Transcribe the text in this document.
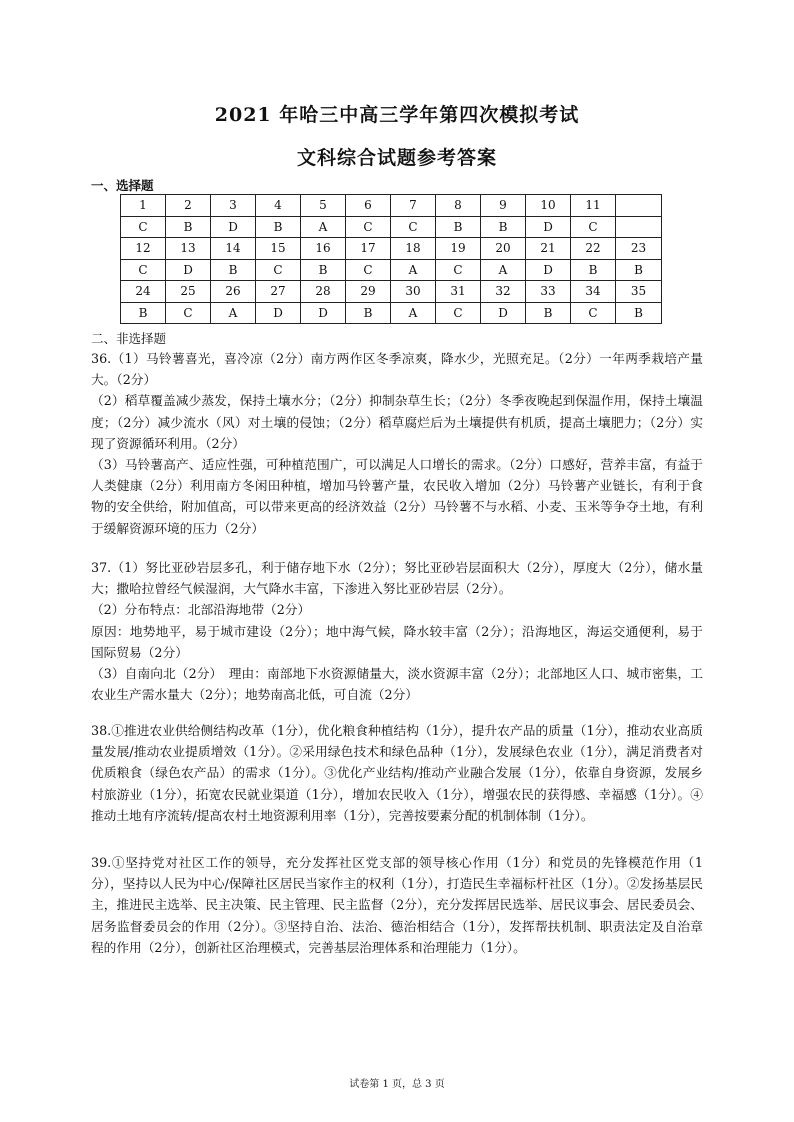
2021 年哈三中高三学年第四次模拟考试
文科综合试题参考答案
一、选择题
1	2	3	4	5	6	7	8	9	10	11	
C	B	D	B	A	C	C	B	B	D	C	
12	13	14	15	16	17	18	19	20	21	22	23
C	D	B	C	B	C	A	C	A	D	B	B
24	25	26	27	28	29	30	31	32	33	34	35
B	C	A	D	D	B	A	C	D	B	C	B
二、非选择题

36.（1）马铃薯喜光，喜冷凉（2分）南方两作区冬季凉爽，降水少，光照充足。（2分）一年两季栽培产量大。（2分）

（2）稻草覆盖减少蒸发，保持土壤水分；（2分）抑制杂草生长；（2分）冬季夜晚起到保温作用，保持土壤温度；（2分）减少流水（风）对土壤的侵蚀；（2分）稻草腐烂后为土壤提供有机质，提高土壤肥力；（2分）实现了资源循环利用。（2分）

（3）马铃薯高产、适应性强，可种植范围广，可以满足人口增长的需求。（2分）口感好，营养丰富，有益于人类健康（2分）利用南方冬闲田种植，增加马铃薯产量，农民收入增加（2分）马铃薯产业链长，有利于食物的安全供给，附加值高，可以带来更高的经济效益（2分）马铃薯不与水稻、小麦、玉米等争夺土地，有利于缓解资源环境的压力（2分）

37.（1）努比亚砂岩层多孔，利于储存地下水（2分）；努比亚砂岩层面积大（2分），厚度大（2分），储水量大；撒哈拉曾经气候湿润，大气降水丰富，下渗进入努比亚砂岩层（2分）。

（2）分布特点：北部沿海地带（2分）

原因：地势地平，易于城市建设（2分）；地中海气候，降水较丰富（2分）；沿海地区，海运交通便利，易于国际贸易（2分）

（3）自南向北（2分）　理由：南部地下水资源储量大，淡水资源丰富（2分）；北部地区人口、城市密集，工农业生产需水量大（2分）；地势南高北低，可自流（2分）

38.①推进农业供给侧结构改革（1分），优化粮食种植结构（1分），提升农产品的质量（1分），推动农业高质量发展/推动农业提质增效（1分）。②采用绿色技术和绿色品种（1分），发展绿色农业（1分），满足消费者对优质粮食（绿色农产品）的需求（1分）。③优化产业结构/推动产业融合发展（1分），依靠自身资源，发展乡村旅游业（1分），拓宽农民就业渠道（1分），增加农民收入（1分），增强农民的获得感、幸福感（1分）。④推动土地有序流转/提高农村土地资源利用率（1分），完善按要素分配的机制体制（1分）。

39.①坚持党对社区工作的领导，充分发挥社区党支部的领导核心作用（1分）和党员的先锋模范作用（1分），坚持以人民为中心/保障社区居民当家作主的权利（1分），打造民生幸福标杆社区（1分）。②发扬基层民主，推进民主选举、民主决策、民主管理、民主监督（2分），充分发挥居民选举、居民议事会、居民委员会、居务监督委员会的作用（2分）。③坚持自治、法治、德治相结合（1分），发挥帮扶机制、职责法定及自治章程的作用（2分），创新社区治理模式，完善基层治理体系和治理能力（1分）。

试卷第 1 页，总 3 页
